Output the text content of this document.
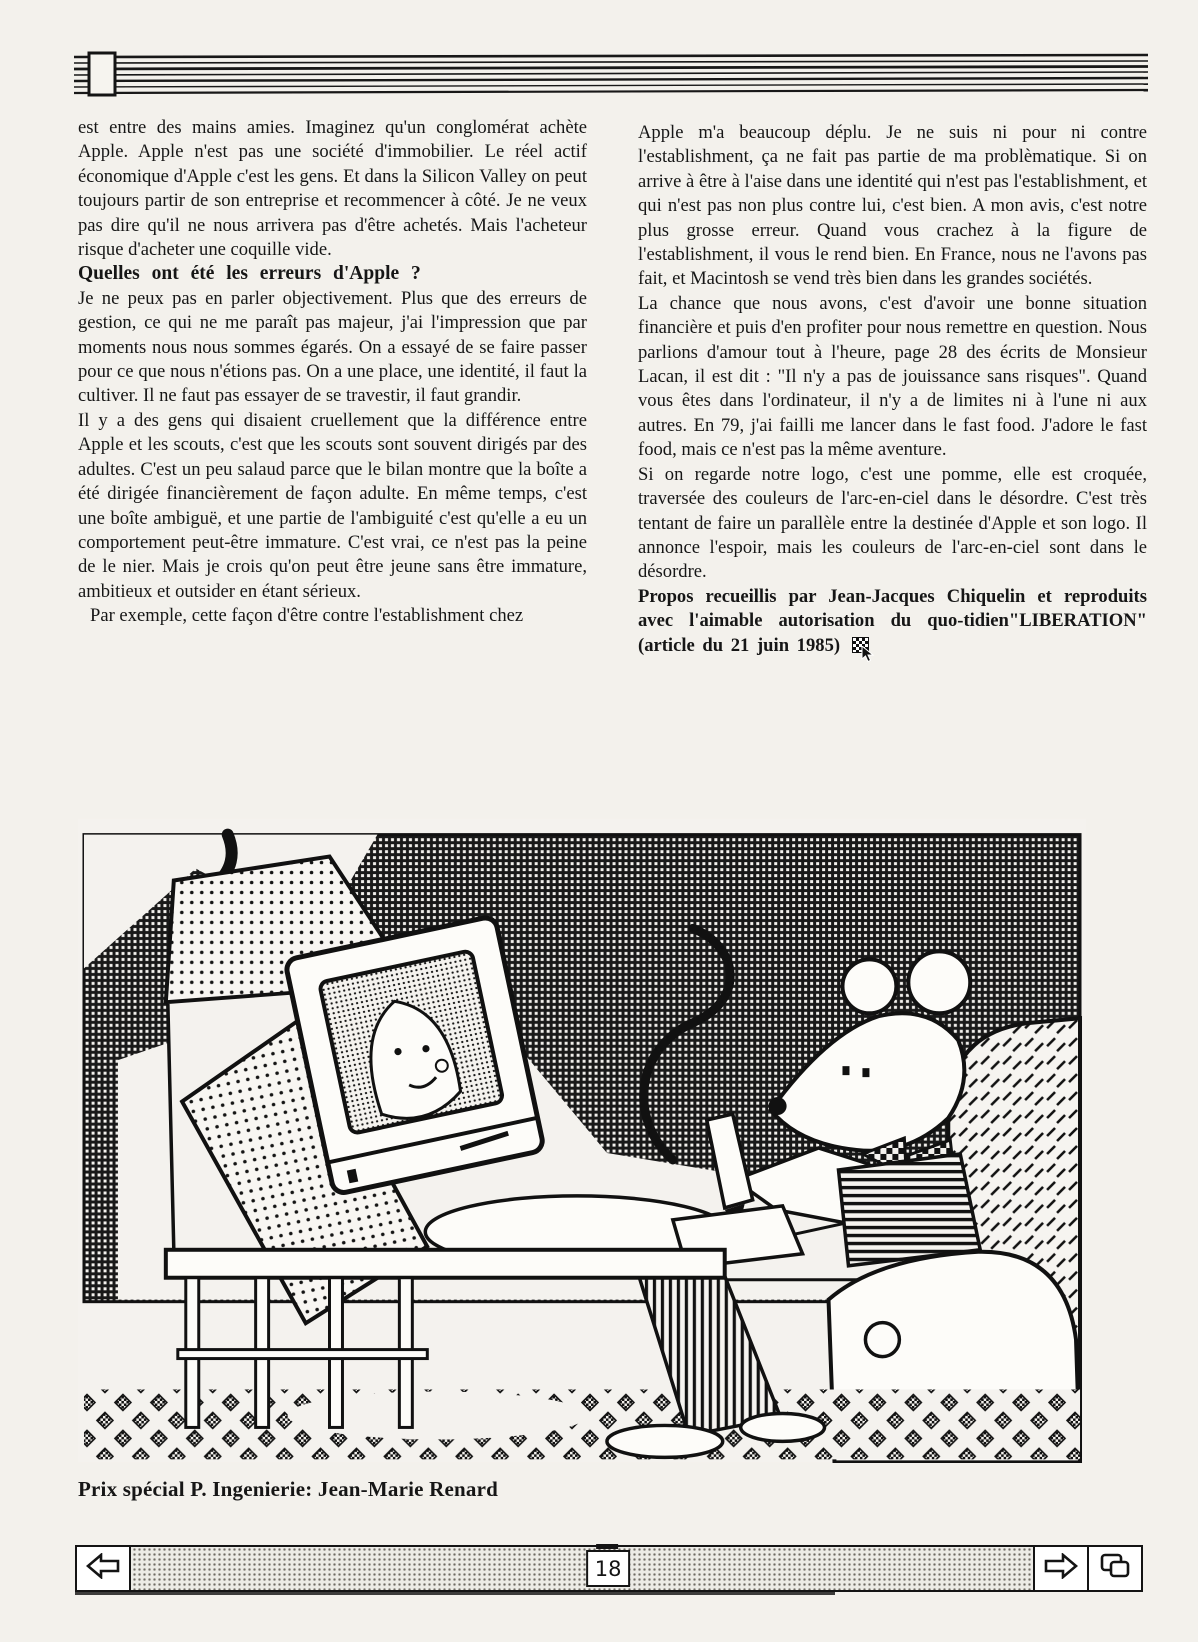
est entre des mains amies. Imaginez qu'un conglomérat achète Apple. Apple n'est pas une société d'immobilier. Le réel actif économique d'Apple c'est les gens. Et dans la Silicon Valley on peut toujours partir de son entreprise et recommencer à côté. Je ne veux pas dire qu'il ne nous arrivera pas d'être achetés. Mais l'acheteur risque d'acheter une coquille vide.

Quelles ont été les erreurs d'Apple ?

Je ne peux pas en parler objectivement. Plus que des erreurs de gestion, ce qui ne me paraît pas majeur, j'ai l'impression que par moments nous nous sommes égarés. On a essayé de se faire passer pour ce que nous n'étions pas. On a une place, une identité, il faut la cultiver. Il ne faut pas essayer de se travestir, il faut grandir.

Il y a des gens qui disaient cruellement que la différence entre Apple et les scouts, c'est que les scouts sont souvent dirigés par des adultes. C'est un peu salaud parce que le bilan montre que la boîte a été dirigée financièrement de façon adulte. En même temps, c'est une boîte ambiguë, et une partie de l'ambiguité c'est qu'elle a eu un comportement peut-être immature. C'est vrai, ce n'est pas la peine de le nier. Mais je crois qu'on peut être jeune sans être immature, ambitieux et outsider en étant sérieux.

Par exemple, cette façon d'être contre l'establishment chez

Apple m'a beaucoup déplu. Je ne suis ni pour ni contre l'establishment, ça ne fait pas partie de ma problèmatique. Si on arrive à être à l'aise dans une identité qui n'est pas l'establishment, et qui n'est pas non plus contre lui, c'est bien. A mon avis, c'est notre plus grosse erreur. Quand vous crachez à la figure de l'establishment, il vous le rend bien. En France, nous ne l'avons pas fait, et Macintosh se vend très bien dans les grandes sociétés.

La chance que nous avons, c'est d'avoir une bonne situation financière et puis d'en profiter pour nous remettre en question. Nous parlions d'amour tout à l'heure, page 28 des écrits de Monsieur Lacan, il est dit : "Il n'y a pas de jouissance sans risques". Quand vous êtes dans l'ordinateur, il n'y a de limites ni à l'une ni aux autres. En 79, j'ai failli me lancer dans le fast food. J'adore le fast food, mais ce n'est pas la même aventure.

Si on regarde notre logo, c'est une pomme, elle est croquée, traversée des couleurs de l'arc-en-ciel dans le désordre. C'est très tentant de faire un parallèle entre la destinée d'Apple et son logo. Il annonce l'espoir, mais les couleurs de l'arc-en-ciel sont dans le désordre.

Propos recueillis par Jean-Jacques Chiquelin et reproduits avec l'aimable autorisation du quo-tidien"LIBERATION" (article du 21 juin 1985)

Prix spécial P. Ingenierie: Jean-Marie Renard
18
